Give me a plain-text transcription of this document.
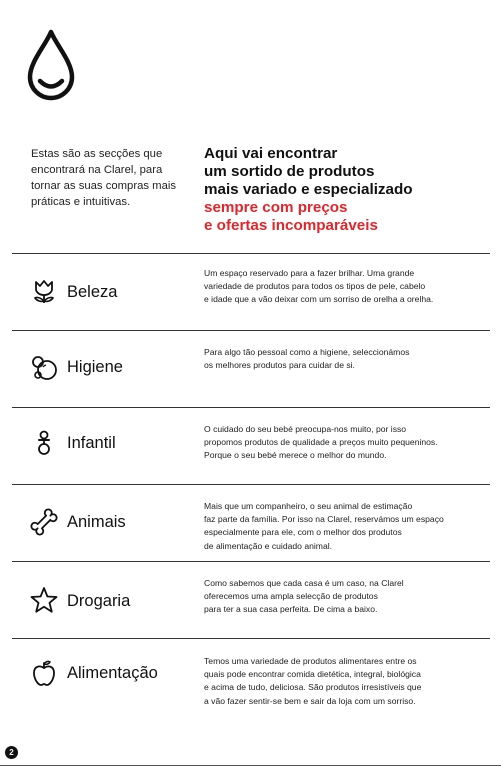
Estas são as secções que encontrará na Clarel, para tornar as suas compras mais práticas e intuitivas.
Aqui vai encontrar
um sortido de produtos
mais variado e especializado
sempre com preços
e ofertas incomparáveis
Beleza
Um espaço reservado para a fazer brilhar. Uma grande
variedade de produtos para todos os tipos de pele, cabelo
e idade que a vão deixar com um sorriso de orelha a orelha.
Higiene
Para algo tão pessoal como a higiene, seleccionámos
os melhores produtos para cuidar de si.
Infantil
O cuidado do seu bebé preocupa-nos muito, por isso
propomos produtos de qualidade a preços muito pequeninos.
Porque o seu bebé merece o melhor do mundo.
Animais
Mais que um companheiro, o seu animal de estimação
faz parte da família. Por isso na Clarel, reservámos um espaço
especialmente para ele, com o melhor dos produtos
de alimentação e cuidado animal.
Drogaria
Como sabemos que cada casa é um caso, na Clarel
oferecemos uma ampla selecção de produtos
para ter a sua casa perfeita. De cima a baixo.
Alimentação
Temos uma variedade de produtos alimentares entre os
quais pode encontrar comida dietética, integral, biológica
e acima de tudo, deliciosa. São produtos irresistíveis que
a vão fazer sentir-se bem e sair da loja com um sorriso.
2
